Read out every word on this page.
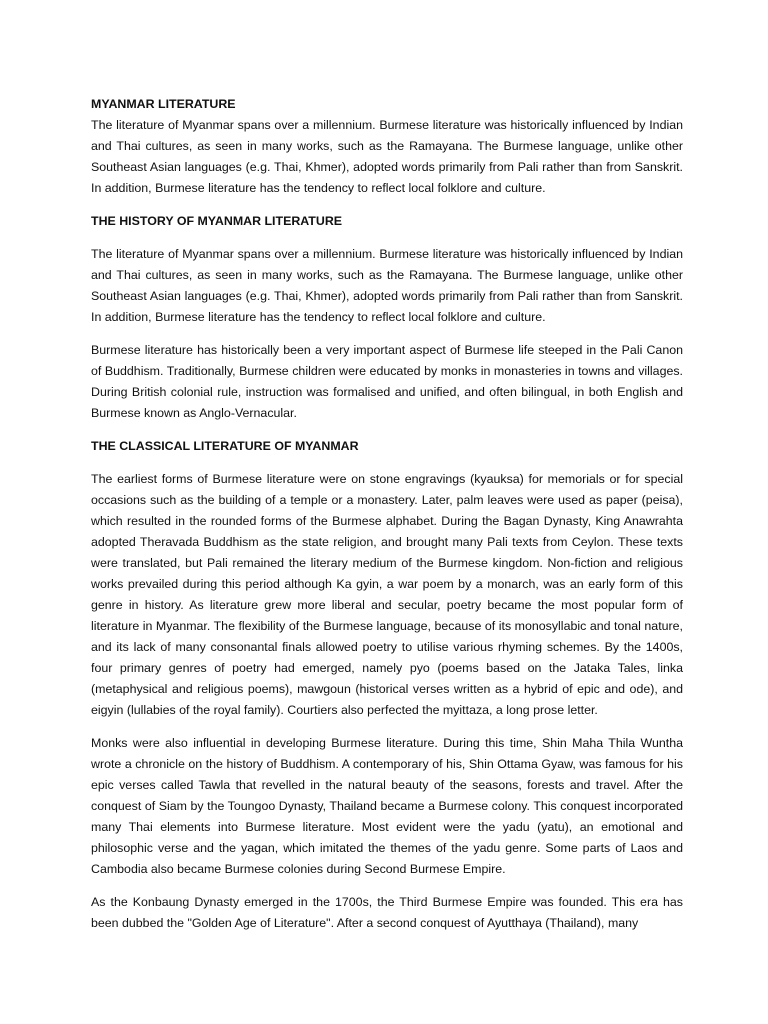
MYANMAR LITERATURE

The literature of Myanmar spans over a millennium. Burmese literature was historically influenced by Indian and Thai cultures, as seen in many works, such as the Ramayana. The Burmese language, unlike other Southeast Asian languages (e.g. Thai, Khmer), adopted words primarily from Pali rather than from Sanskrit. In addition, Burmese literature has the tendency to reflect local folklore and culture.

THE HISTORY OF MYANMAR LITERATURE

The literature of Myanmar spans over a millennium. Burmese literature was historically influenced by Indian and Thai cultures, as seen in many works, such as the Ramayana. The Burmese language, unlike other Southeast Asian languages (e.g. Thai, Khmer), adopted words primarily from Pali rather than from Sanskrit. In addition, Burmese literature has the tendency to reflect local folklore and culture.

Burmese literature has historically been a very important aspect of Burmese life steeped in the Pali Canon of Buddhism. Traditionally, Burmese children were educated by monks in monasteries in towns and villages. During British colonial rule, instruction was formalised and unified, and often bilingual, in both English and Burmese known as Anglo-Vernacular.

THE CLASSICAL LITERATURE OF MYANMAR

The earliest forms of Burmese literature were on stone engravings (kyauksa) for memorials or for special occasions such as the building of a temple or a monastery. Later, palm leaves were used as paper (peisa), which resulted in the rounded forms of the Burmese alphabet. During the Bagan Dynasty, King Anawrahta adopted Theravada Buddhism as the state religion, and brought many Pali texts from Ceylon. These texts were translated, but Pali remained the literary medium of the Burmese kingdom. Non-fiction and religious works prevailed during this period although Ka gyin, a war poem by a monarch, was an early form of this genre in history. As literature grew more liberal and secular, poetry became the most popular form of literature in Myanmar. The flexibility of the Burmese language, because of its monosyllabic and tonal nature, and its lack of many consonantal finals allowed poetry to utilise various rhyming schemes. By the 1400s, four primary genres of poetry had emerged, namely pyo (poems based on the Jataka Tales, linka (metaphysical and religious poems), mawgoun (historical verses written as a hybrid of epic and ode), and eigyin (lullabies of the royal family). Courtiers also perfected the myittaza, a long prose letter.

Monks were also influential in developing Burmese literature. During this time, Shin Maha Thila Wuntha wrote a chronicle on the history of Buddhism. A contemporary of his, Shin Ottama Gyaw, was famous for his epic verses called Tawla that revelled in the natural beauty of the seasons, forests and travel. After the conquest of Siam by the Toungoo Dynasty, Thailand became a Burmese colony. This conquest incorporated many Thai elements into Burmese literature. Most evident were the yadu (yatu), an emotional and philosophic verse and the yagan, which imitated the themes of the yadu genre. Some parts of Laos and Cambodia also became Burmese colonies during Second Burmese Empire.

As the Konbaung Dynasty emerged in the 1700s, the Third Burmese Empire was founded. This era has been dubbed the "Golden Age of Literature". After a second conquest of Ayutthaya (Thailand), many
